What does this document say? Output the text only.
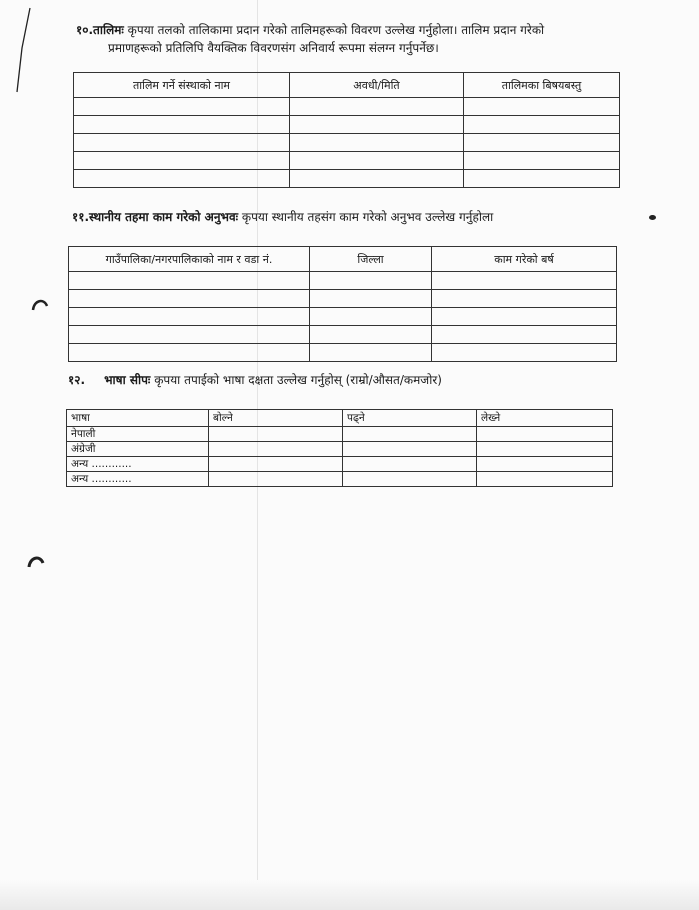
१०.तालिमः कृपया तलको तालिकामा प्रदान गरेको तालिमहरूको विवरण उल्लेख गर्नुहोला। तालिम प्रदान गरेको
प्रमाणहरूको प्रतिलिपि वैयक्तिक विवरणसंग अनिवार्य रूपमा संलग्न गर्नुपर्नेछ।
तालिम गर्ने संस्थाको नाम	अवधी/मिति	तालिमका बिषयबस्तु

११.स्थानीय तहमा काम गरेको अनुभवः कृपया स्थानीय तहसंग काम गरेको अनुभव उल्लेख गर्नुहोला
गाउँपालिका/नगरपालिकाको नाम र वडा नं.	जिल्ला	काम गरेको बर्ष

१२. भाषा सीपः कृपया तपाईको भाषा दक्षता उल्लेख गर्नुहोस् (राम्रो/औसत/कमजोर)
भाषा	बोल्ने	पढ्ने	लेख्ने
नेपाली			
अंग्रेजी			
अन्य ............			
अन्य ............			
